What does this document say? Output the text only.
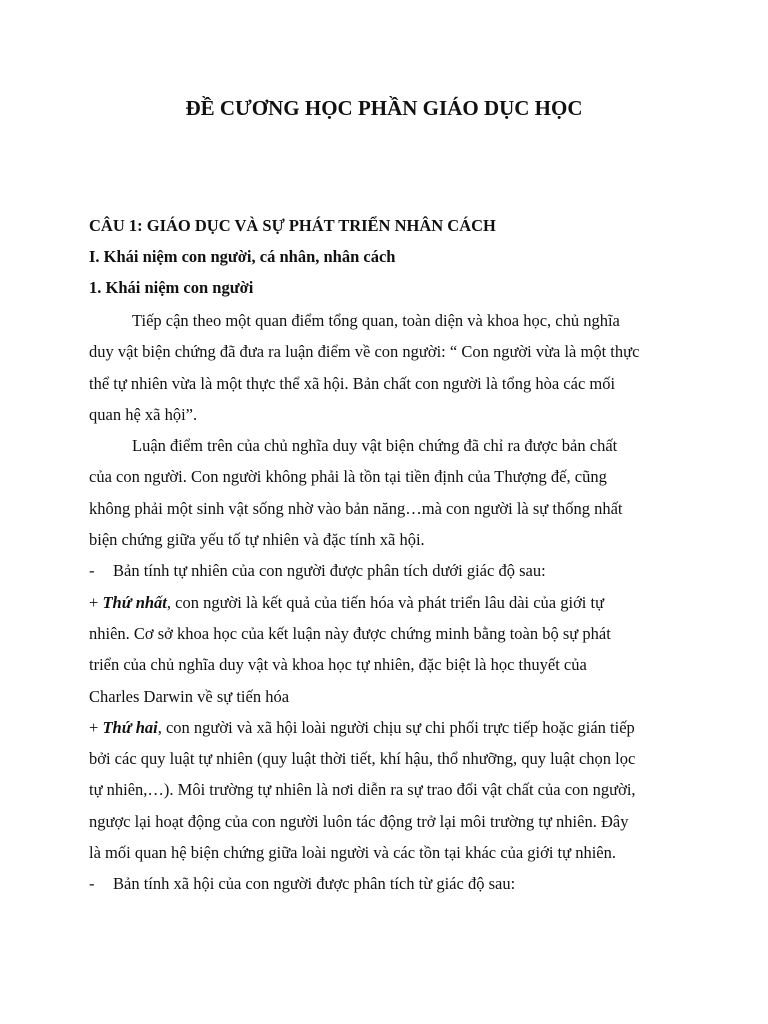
ĐỀ CƯƠNG HỌC PHẦN GIÁO DỤC HỌC

CÂU 1: GIÁO DỤC VÀ SỰ PHÁT TRIỂN NHÂN CÁCH

I. Khái niệm con người, cá nhân, nhân cách

1. Khái niệm con người

Tiếp cận theo một quan điểm tổng quan, toàn diện và khoa học, chủ nghĩa
duy vật biện chứng đã đưa ra luận điểm về con người: “ Con người vừa là một thực
thể tự nhiên vừa là một thực thể xã hội. Bản chất con người là tổng hòa các mối
quan hệ xã hội”.
Luận điểm trên của chủ nghĩa duy vật biện chứng đã chỉ ra được bản chất
của con người. Con người không phải là tồn tại tiền định của Thượng đế, cũng
không phải một sinh vật sống nhờ vào bản năng…mà con người là sự thống nhất
biện chứng giữa yếu tố tự nhiên và đặc tính xã hội.
- Bản tính tự nhiên của con người được phân tích dưới giác độ sau:
+ Thứ nhất, con người là kết quả của tiến hóa và phát triển lâu dài của giới tự
nhiên. Cơ sở khoa học của kết luận này được chứng minh bằng toàn bộ sự phát
triển của chủ nghĩa duy vật và khoa học tự nhiên, đặc biệt là học thuyết của
Charles Darwin về sự tiến hóa
+ Thứ hai, con người và xã hội loài người chịu sự chi phối trực tiếp hoặc gián tiếp
bởi các quy luật tự nhiên (quy luật thời tiết, khí hậu, thổ nhưỡng, quy luật chọn lọc
tự nhiên,…). Môi trường tự nhiên là nơi diễn ra sự trao đổi vật chất của con người,
ngược lại hoạt động của con người luôn tác động trở lại môi trường tự nhiên. Đây
là mối quan hệ biện chứng giữa loài người và các tồn tại khác của giới tự nhiên.
- Bản tính xã hội của con người được phân tích từ giác độ sau:
